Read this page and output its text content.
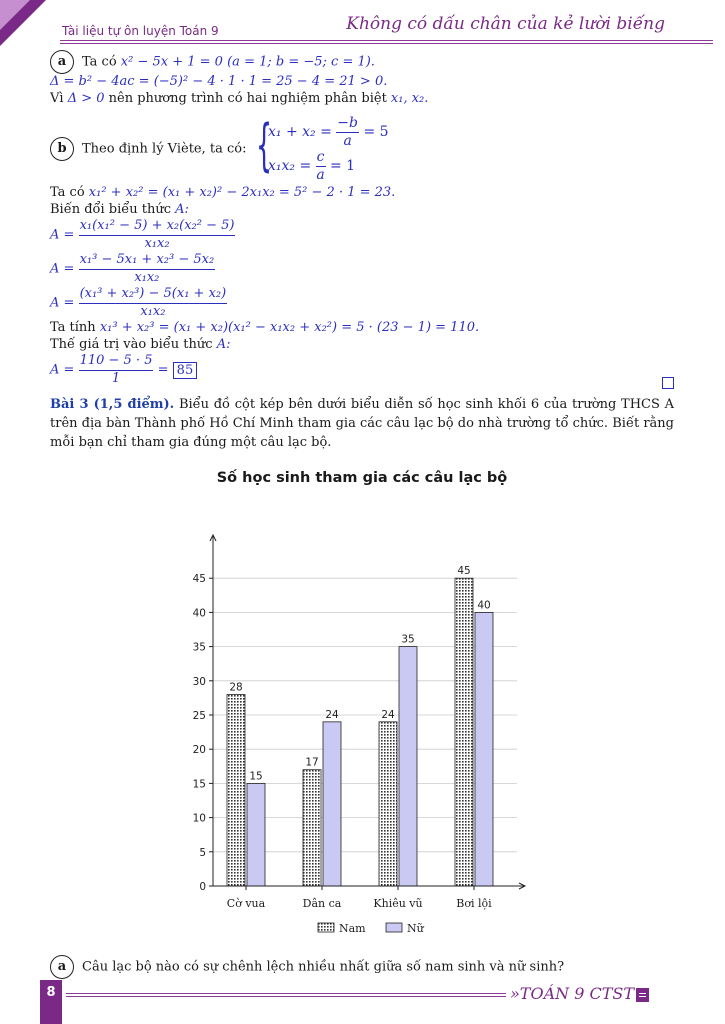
Tài liệu tự ôn luyện Toán 9	Không có dấu chân của kẻ lười biếng
a Ta có x² − 5x + 1 = 0 (a = 1; b = −5; c = 1).
Δ = b² − 4ac = (−5)² − 4 · 1 · 1 = 25 − 4 = 21 > 0.
Vì Δ > 0 nên phương trình có hai nghiệm phân biệt x₁, x₂.
b Theo định lý Viète, ta có: {
$x_1 + x_2 = \frac{-b}{a} = 5$
$x_1x_2 = \frac{c}{a} = 1$
Ta có x₁² + x₂² = (x₁ + x₂)² − 2x₁x₂ = 5² − 2 · 1 = 23.
Biến đổi biểu thức A:
$A = \frac{\text{x₁(x₁² − 5) + x₂(x₂² − 5)}}{\text{x₁x₂}}$
$A = \frac{\text{x₁³ − 5x₁ + x₂³ − 5x₂}}{\text{x₁x₂}}$
$A = \frac{\text{(x₁³ + x₂³) − 5(x₁ + x₂)}}{\text{x₁x₂}}$
Ta tính x₁³ + x₂³ = (x₁ + x₂)(x₁² − x₁x₂ + x₂²) = 5 · (23 − 1) = 110.
Thế giá trị vào biểu thức A:
$A = \frac{110 - 5 \cdot 5}{1} = 85$
Bài 3 (1,5 điểm). Biểu đồ cột kép bên dưới biểu diễn số học sinh khối 6 của trường THCS A trên địa bàn Thành phố Hồ Chí Minh tham gia các câu lạc bộ do nhà trường tổ chức. Biết rằng mỗi bạn chỉ tham gia đúng một câu lạc bộ.
Số học sinh tham gia các câu lạc bộ
28
15
17
24	24
35
45
40
0
5
10
15
20
25
30
35
40
45
Cờ vua	Dân ca	Khiêu vũ	Bơi lội
Nam	Nữ
a Câu lạc bộ nào có sự chênh lệch nhiều nhất giữa số nam sinh và nữ sinh?
8	»TOÁN 9 CTST
